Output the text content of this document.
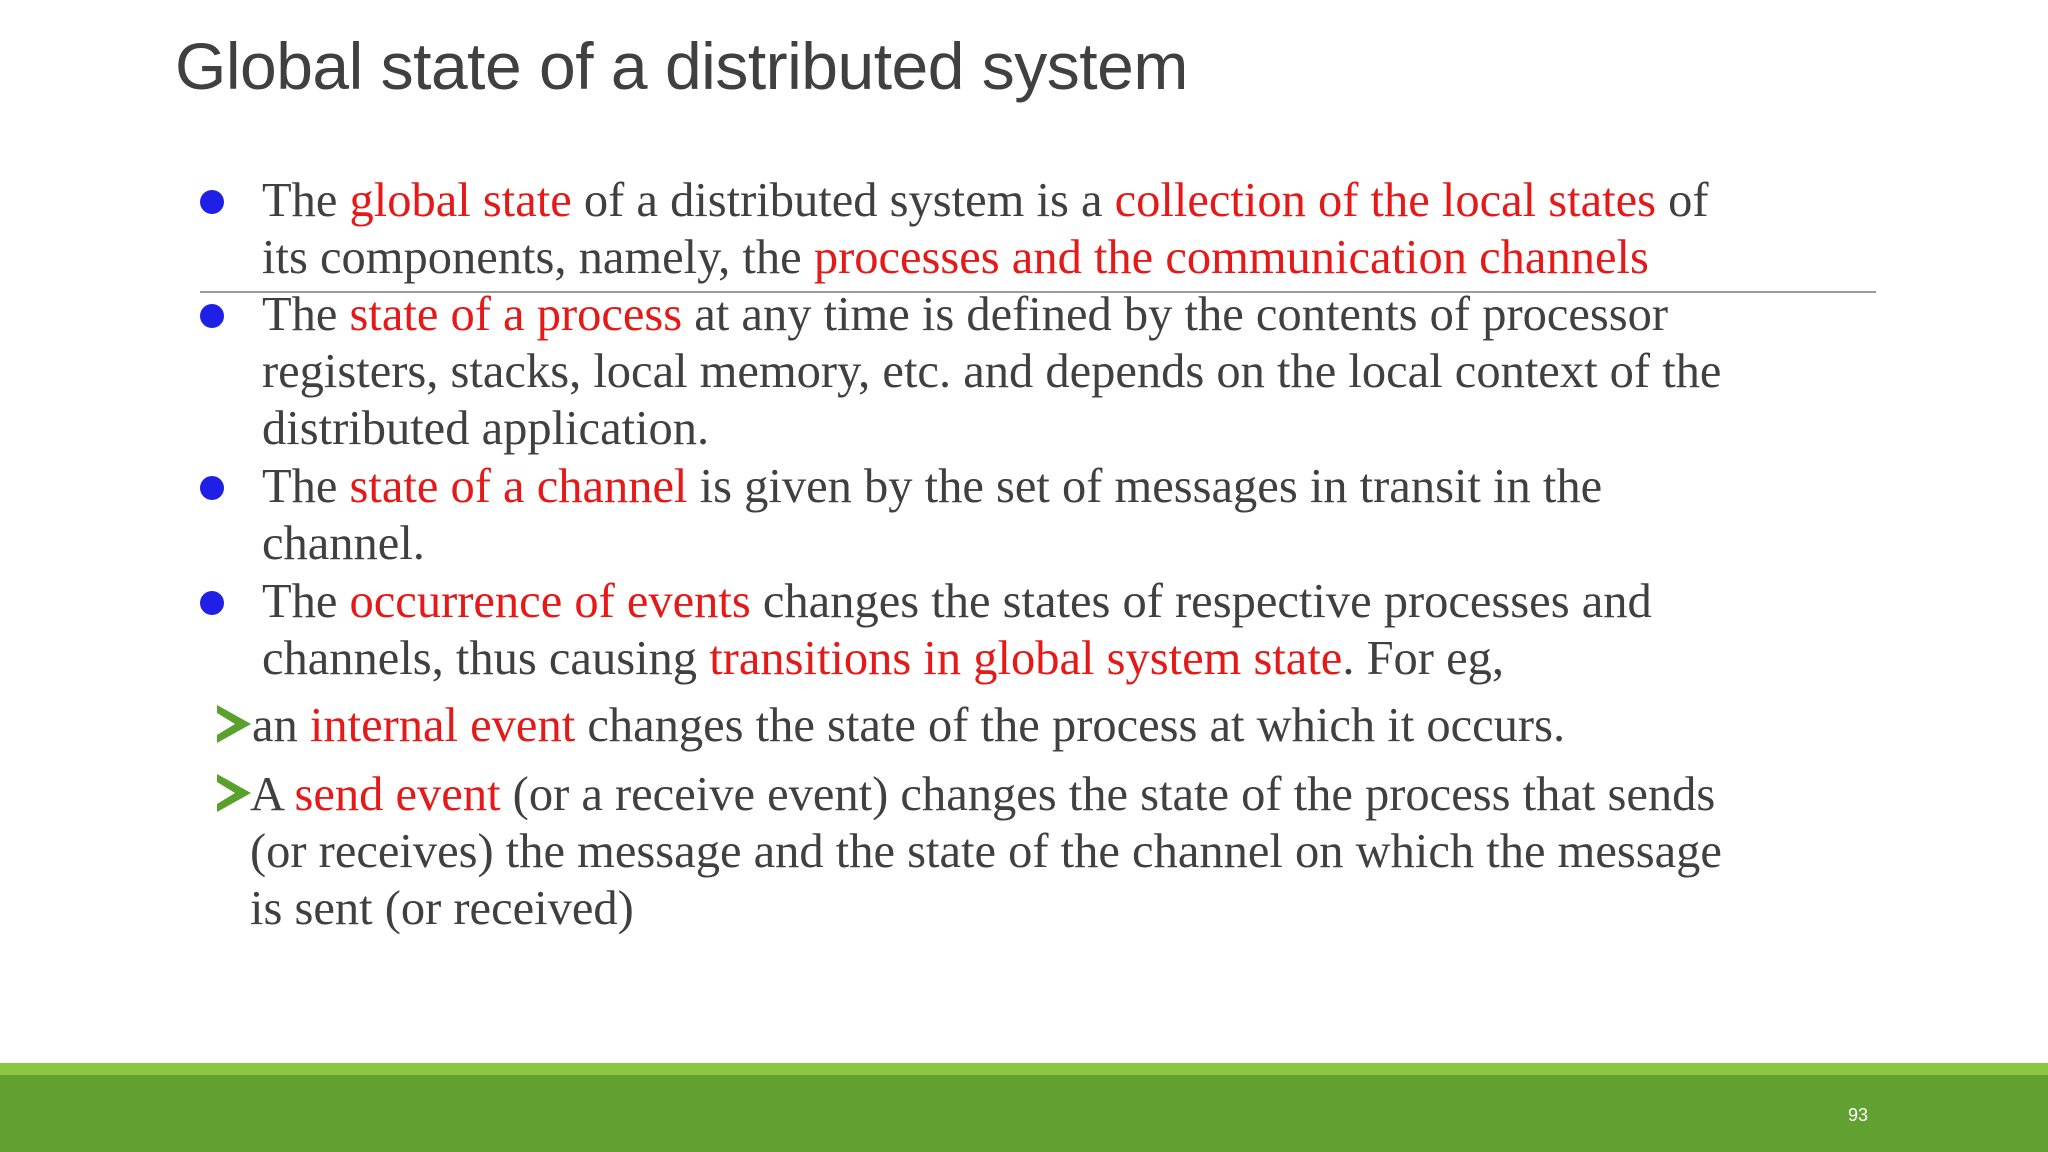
Global state of a distributed system
The global state of a distributed system is a collection of the local states of
its components, namely, the processes and the communication channels
The state of a process at any time is defined by the contents of processor
registers, stacks, local memory, etc. and depends on the local context of the
distributed application.
The state of a channel is given by the set of messages in transit in the
channel.
The occurrence of events changes the states of respective processes and
channels, thus causing transitions in global system state. For eg,
an internal event changes the state of the process at which it occurs.
A send event (or a receive event) changes the state of the process that sends
(or receives) the message and the state of the channel on which the message
is sent (or received)
93
